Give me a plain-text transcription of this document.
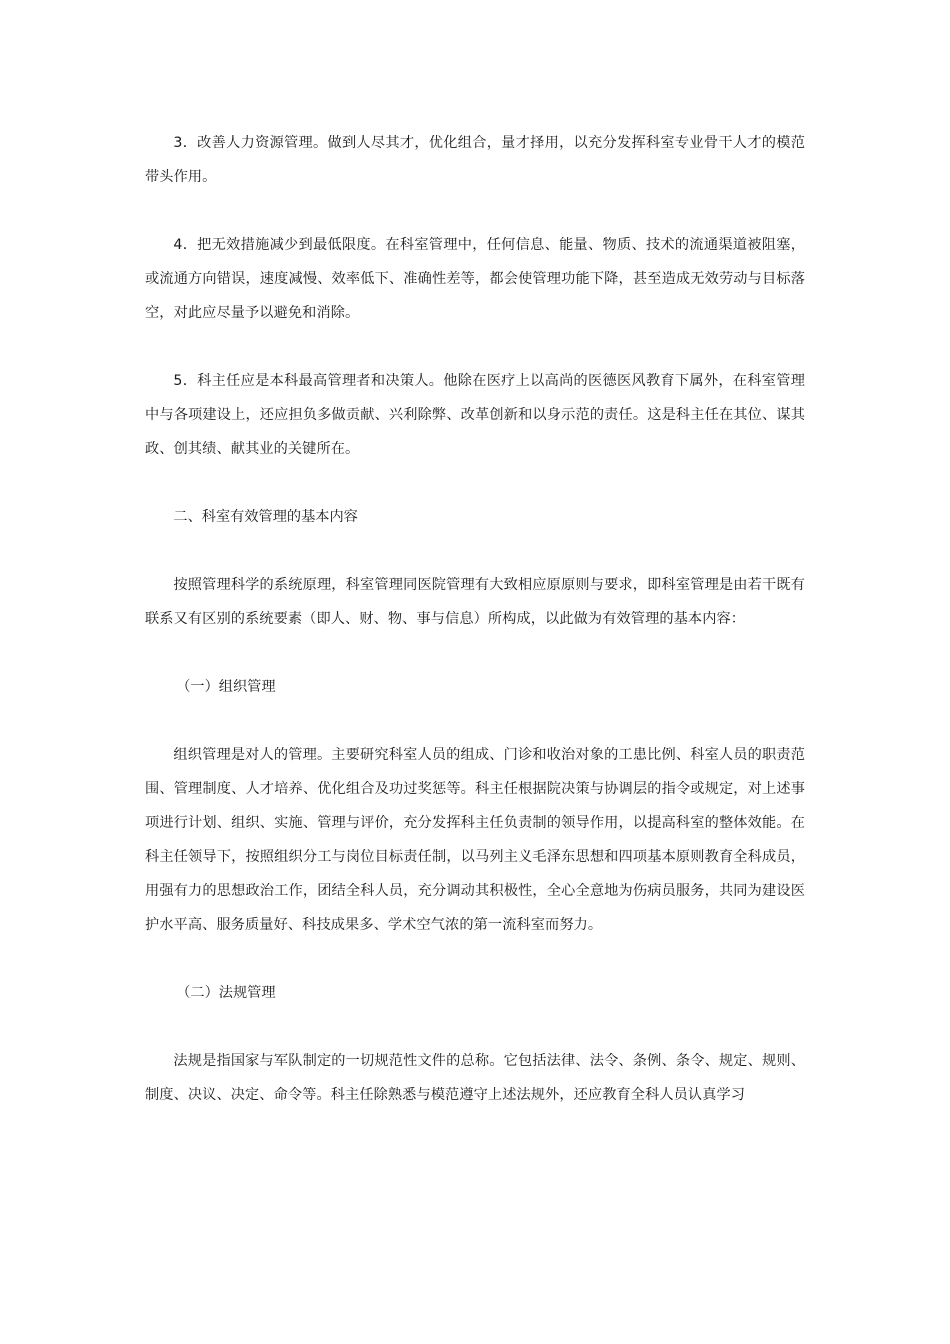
3．改善人力资源管理。做到人尽其才，优化组合，量才择用，以充分发挥科室专业骨干人才的模范带头作用。

4．把无效措施减少到最低限度。在科室管理中，任何信息、能量、物质、技术的流通渠道被阻塞，或流通方向错误，速度减慢、效率低下、准确性差等，都会使管理功能下降，甚至造成无效劳动与目标落空，对此应尽量予以避免和消除。

5．科主任应是本科最高管理者和决策人。他除在医疗上以高尚的医德医风教育下属外，在科室管理中与各项建设上，还应担负多做贡献、兴利除弊、改革创新和以身示范的责任。这是科主任在其位、谋其政、创其绩、献其业的关键所在。

二、科室有效管理的基本内容

按照管理科学的系统原理，科室管理同医院管理有大致相应原原则与要求，即科室管理是由若干既有联系又有区别的系统要素（即人、财、物、事与信息）所构成，以此做为有效管理的基本内容：

（一）组织管理

组织管理是对人的管理。主要研究科室人员的组成、门诊和收治对象的工患比例、科室人员的职责范围、管理制度、人才培养、优化组合及功过奖惩等。科主任根据院决策与协调层的指令或规定，对上述事项进行计划、组织、实施、管理与评价，充分发挥科主任负责制的领导作用，以提高科室的整体效能。在科主任领导下，按照组织分工与岗位目标责任制，以马列主义毛泽东思想和四项基本原则教育全科成员，用强有力的思想政治工作，团结全科人员，充分调动其积极性，全心全意地为伤病员服务，共同为建设医护水平高、服务质量好、科技成果多、学术空气浓的第一流科室而努力。

（二）法规管理

法规是指国家与军队制定的一切规范性文件的总称。它包括法律、法令、条例、条令、规定、规则、制度、决议、决定、命令等。科主任除熟悉与模范遵守上述法规外，还应教育全科人员认真学习
